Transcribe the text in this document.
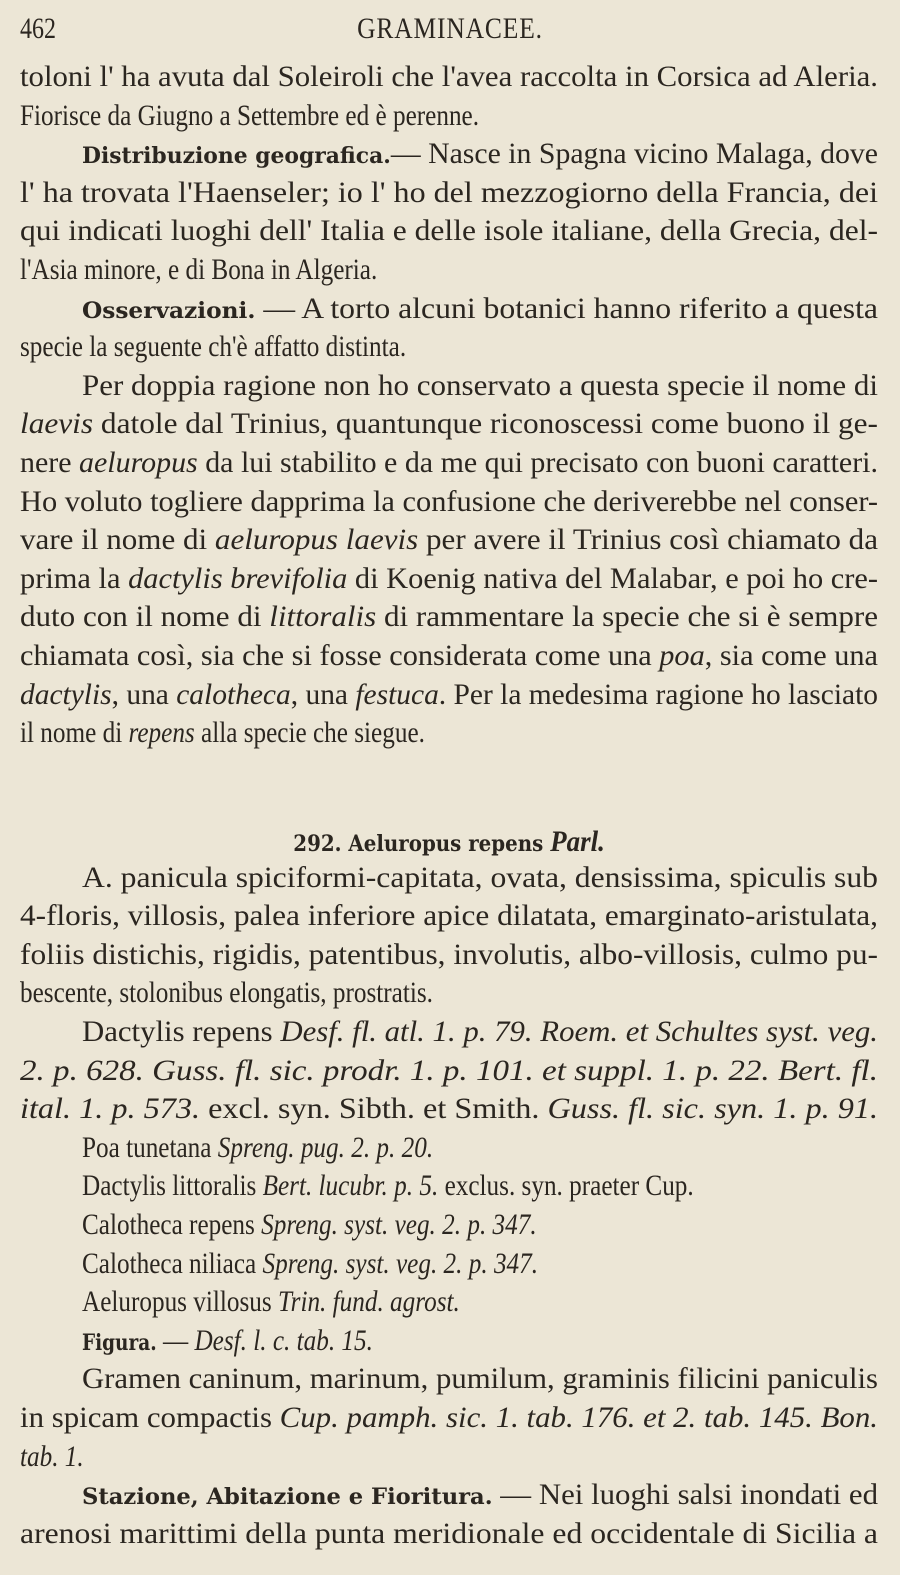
462	GRAMINACEE.
toloni l' ha avuta dal Soleiroli che l'avea raccolta in Corsica ad Aleria.
Fiorisce da Giugno a Settembre ed è perenne.
Distribuzione geografica.— Nasce in Spagna vicino Malaga, dove
l' ha trovata l'Haenseler; io l' ho del mezzogiorno della Francia, dei
qui indicati luoghi dell' Italia e delle isole italiane, della Grecia, del-
l'Asia minore, e di Bona in Algeria.
Osservazioni. — A torto alcuni botanici hanno riferito a questa
specie la seguente ch'è affatto distinta.
Per doppia ragione non ho conservato a questa specie il nome di
laevis datole dal Trinius, quantunque riconoscessi come buono il ge-
nere aeluropus da lui stabilito e da me qui precisato con buoni caratteri.
Ho voluto togliere dapprima la confusione che deriverebbe nel conser-
vare il nome di aeluropus laevis per avere il Trinius così chiamato da
prima la dactylis brevifolia di Koenig nativa del Malabar, e poi ho cre-
duto con il nome di littoralis di rammentare la specie che si è sempre
chiamata così, sia che si fosse considerata come una poa, sia come una
dactylis, una calotheca, una festuca. Per la medesima ragione ho lasciato
il nome di repens alla specie che siegue.
292. Aeluropus repens Parl.
A. panicula spiciformi-capitata, ovata, densissima, spiculis sub
4-floris, villosis, palea inferiore apice dilatata, emarginato-aristulata,
foliis distichis, rigidis, patentibus, involutis, albo-villosis, culmo pu-
bescente, stolonibus elongatis, prostratis.
Dactylis repens Desf. fl. atl. 1. p. 79. Roem. et Schultes syst. veg.
2. p. 628. Guss. fl. sic. prodr. 1. p. 101. et suppl. 1. p. 22. Bert. fl.
ital. 1. p. 573. excl. syn. Sibth. et Smith. Guss. fl. sic. syn. 1. p. 91.
Poa tunetana Spreng. pug. 2. p. 20.
Dactylis littoralis Bert. lucubr. p. 5. exclus. syn. praeter Cup.
Calotheca repens Spreng. syst. veg. 2. p. 347.
Calotheca niliaca Spreng. syst. veg. 2. p. 347.
Aeluropus villosus Trin. fund. agrost.
Figura. — Desf. l. c. tab. 15.
Gramen caninum, marinum, pumilum, graminis filicini paniculis
in spicam compactis Cup. pamph. sic. 1. tab. 176. et 2. tab. 145. Bon.
tab. 1.
Stazione, Abitazione e Fioritura. — Nei luoghi salsi inondati ed
arenosi marittimi della punta meridionale ed occidentale di Sicilia a
